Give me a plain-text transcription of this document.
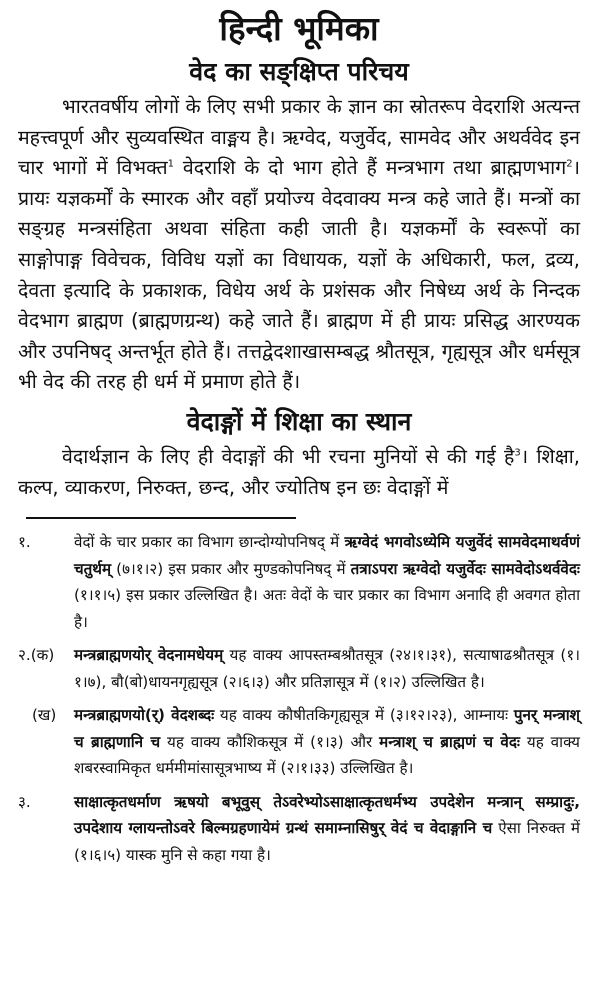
हिन्दी भूमिका
वेद का सङ्क्षिप्त परिचय

भारतवर्षीय लोगों के लिए सभी प्रकार के ज्ञान का स्रोतरूप वेदराशि अत्यन्त महत्त्वपूर्ण और सुव्यवस्थित वाङ्मय है। ऋग्वेद, यजुर्वेद, सामवेद और अथर्ववेद इन चार भागों में विभक्त$^1$ वेदराशि के दो भाग होते हैं मन्त्रभाग तथा ब्राह्मणभाग$^2$। प्रायः यज्ञकर्मों के स्मारक और वहाँ प्रयोज्य वेदवाक्य मन्त्र कहे जाते हैं। मन्त्रों का सङ्ग्रह मन्त्रसंहिता अथवा संहिता कही जाती है। यज्ञकर्मों के स्वरूपों का साङ्गोपाङ्ग विवेचक, विविध यज्ञों का विधायक, यज्ञों के अधिकारी, फल, द्रव्य, देवता इत्यादि के प्रकाशक, विधेय अर्थ के प्रशंसक और निषेध्य अर्थ के निन्दक वेदभाग ब्राह्मण (ब्राह्मणग्रन्थ) कहे जाते हैं। ब्राह्मण में ही प्रायः प्रसिद्ध आरण्यक और उपनिषद् अन्तर्भूत होते हैं। तत्तद्वेदशाखासम्बद्ध श्रौतसूत्र, गृह्यसूत्र और धर्मसूत्र भी वेद की तरह ही धर्म में प्रमाण होते हैं।

वेदाङ्गों में शिक्षा का स्थान

वेदार्थज्ञान के लिए ही वेदाङ्गों की भी रचना मुनियों से की गई है$^3$। शिक्षा, कल्प, व्याकरण, निरुक्त, छन्द, और ज्योतिष इन छः वेदाङ्गों में

१.	वेदों के चार प्रकार का विभाग छान्दोग्योपनिषद् में ऋग्वेदं भगवोऽध्येमि यजुर्वेदं सामवेदमाथर्वणं चतुर्थम् (७।१।२) इस प्रकार और मुण्डकोपनिषद् में तत्राऽपरा ऋग्वेदो यजुर्वेदः सामवेदोऽथर्ववेदः (१।१।५) इस प्रकार उल्लिखित है। अतः वेदों के चार प्रकार का विभाग अनादि ही अवगत होता है।
२.(क)	मन्त्रब्राह्मणयोर् वेदनामधेयम् यह वाक्य आपस्तम्बश्रौतसूत्र (२४।१।३१), सत्याषाढश्रौतसूत्र (१।१।७), बौ(बो)धायनगृह्यसूत्र (२।६।३) और प्रतिज्ञासूत्र में (१।२) उल्लिखित है।
(ख)	मन्त्रब्राह्मणयो(र्) वेदशब्दः यह वाक्य कौषीतकिगृह्यसूत्र में (३।१२।२३), आम्नायः पुनर् मन्त्राश् च ब्राह्मणानि च यह वाक्य कौशिकसूत्र में (१।३) और मन्त्राश् च ब्राह्मणं च वेदः यह वाक्य शबरस्वामिकृत धर्ममीमांसासूत्रभाष्य में (२।१।३३) उल्लिखित है।
३.	साक्षात्कृतधर्माण ऋषयो बभूवुस् तेऽवरेभ्योऽसाक्षात्कृतधर्मभ्य उपदेशेन मन्त्रान् सम्प्रादुः, उपदेशाय ग्लायन्तोऽवरे बिल्मग्रहणायेमं ग्रन्थं समाम्नासिषुर् वेदं च वेदाङ्गानि च ऐसा निरुक्त में (१।६।५) यास्क मुनि से कहा गया है।
